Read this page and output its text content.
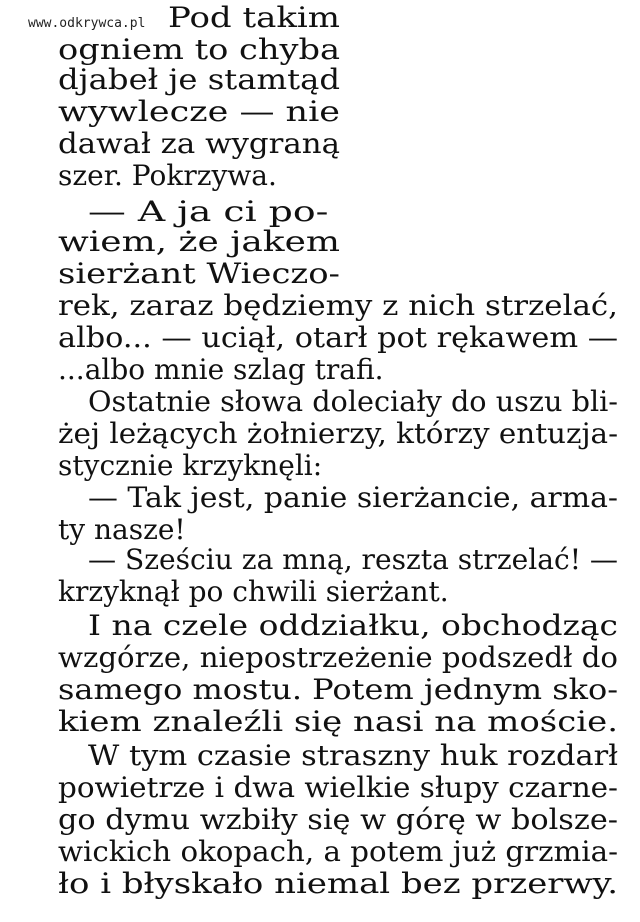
www.odkrywca.pl Pod takim
ogniem to chyba
djabeł je stamtąd
wywlecze — nie
dawał za wygraną
szer. Pokrzywa.
— A ja ci po-
wiem, że jakem
sierżant Wieczo-
rek, zaraz będziemy z nich strzelać,
albo... — uciął, otarł pot rękawem —
...albo mnie szlag trafi.
Ostatnie słowa doleciały do uszu bli-
żej leżących żołnierzy, którzy entuzja-
stycznie krzyknęli:
— Tak jest, panie sierżancie, arma-
ty nasze!
— Sześciu za mną, reszta strzelać! —
krzyknął po chwili sierżant.
I na czele oddziałku, obchodząc
wzgórze, niepostrzeżenie podszedł do
samego mostu. Potem jednym sko-
kiem znaleźli się nasi na moście.
W tym czasie straszny huk rozdarł
powietrze i dwa wielkie słupy czarne-
go dymu wzbiły się w górę w bolsze-
wickich okopach, a potem już grzmia-
ło i błyskało niemal bez przerwy.
